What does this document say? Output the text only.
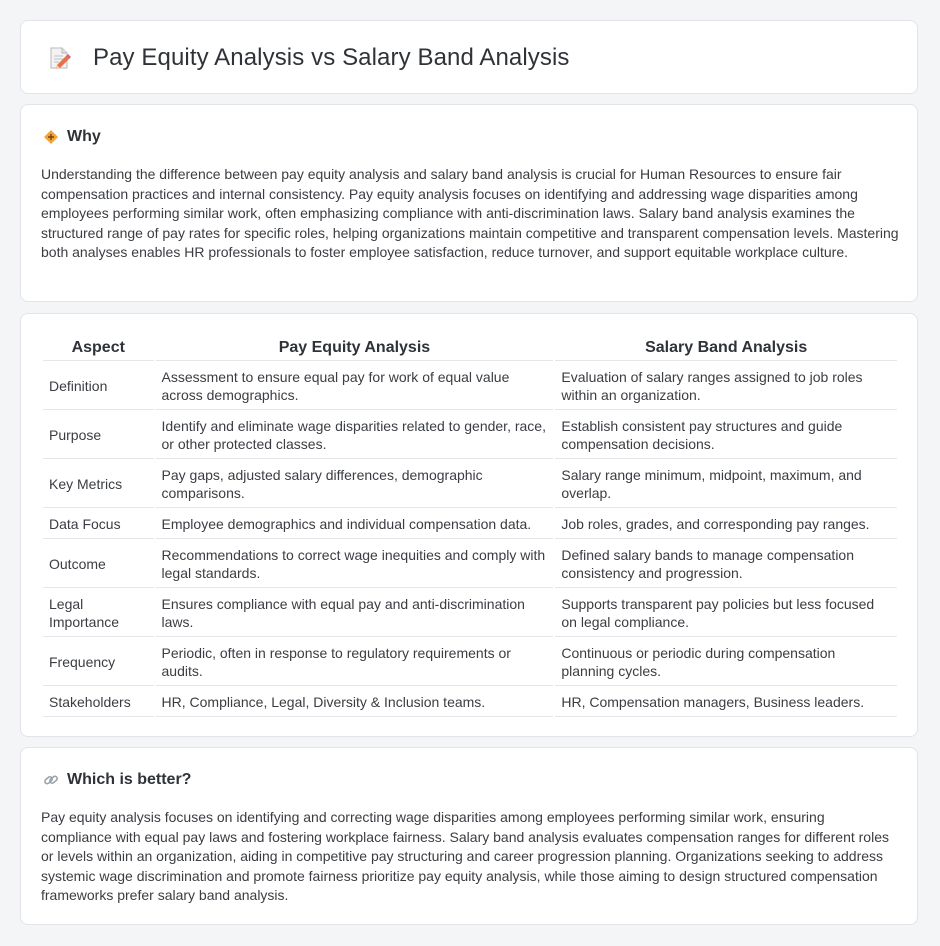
Pay Equity Analysis vs Salary Band Analysis
Why

Understanding the difference between pay equity analysis and salary band analysis is crucial for Human Resources to ensure fair compensation practices and internal consistency. Pay equity analysis focuses on identifying and addressing wage disparities among employees performing similar work, often emphasizing compliance with anti-discrimination laws. Salary band analysis examines the structured range of pay rates for specific roles, helping organizations maintain competitive and transparent compensation levels. Mastering both analyses enables HR professionals to foster employee satisfaction, reduce turnover, and support equitable workplace culture.

Aspect	Pay Equity Analysis	Salary Band Analysis
Definition	Assessment to ensure equal pay for work of equal value across demographics.	Evaluation of salary ranges assigned to job roles within an organization.
Purpose	Identify and eliminate wage disparities related to gender, race, or other protected classes.	Establish consistent pay structures and guide compensation decisions.
Key Metrics	Pay gaps, adjusted salary differences, demographic comparisons.	Salary range minimum, midpoint, maximum, and overlap.
Data Focus	Employee demographics and individual compensation data.	Job roles, grades, and corresponding pay ranges.
Outcome	Recommendations to correct wage inequities and comply with legal standards.	Defined salary bands to manage compensation consistency and progression.
Legal Importance	Ensures compliance with equal pay and anti-discrimination laws.	Supports transparent pay policies but less focused on legal compliance.
Frequency	Periodic, often in response to regulatory requirements or audits.	Continuous or periodic during compensation planning cycles.
Stakeholders	HR, Compliance, Legal, Diversity & Inclusion teams.	HR, Compensation managers, Business leaders.
Which is better?

Pay equity analysis focuses on identifying and correcting wage disparities among employees performing similar work, ensuring compliance with equal pay laws and fostering workplace fairness. Salary band analysis evaluates compensation ranges for different roles or levels within an organization, aiding in competitive pay structuring and career progression planning. Organizations seeking to address systemic wage discrimination and promote fairness prioritize pay equity analysis, while those aiming to design structured compensation frameworks prefer salary band analysis.
